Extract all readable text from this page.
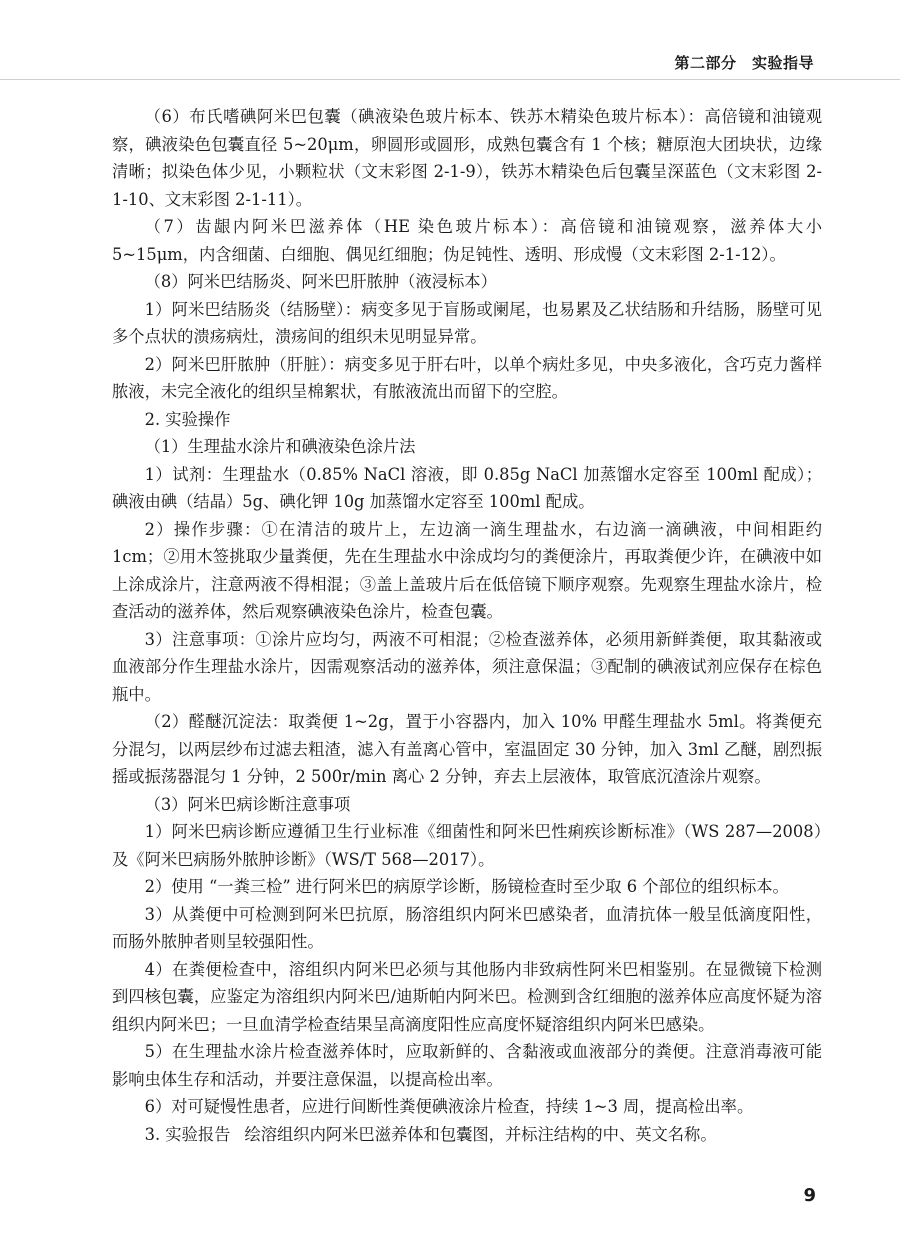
第二部分　实验指导

（6）布氏嗜碘阿米巴包囊（碘液染色玻片标本、铁苏木精染色玻片标本）：高倍镜和油镜观察，碘液染色包囊直径 5~20μm，卵圆形或圆形，成熟包囊含有 1 个核；糖原泡大团块状，边缘清晰；拟染色体少见，小颗粒状（文末彩图 2-1-9），铁苏木精染色后包囊呈深蓝色（文末彩图 2-1-10、文末彩图 2-1-11）。

（7）齿龈内阿米巴滋养体（HE 染色玻片标本）：高倍镜和油镜观察，滋养体大小 5~15μm，内含细菌、白细胞、偶见红细胞；伪足钝性、透明、形成慢（文末彩图 2-1-12）。

（8）阿米巴结肠炎、阿米巴肝脓肿（液浸标本）

1）阿米巴结肠炎（结肠壁）：病变多见于盲肠或阑尾，也易累及乙状结肠和升结肠，肠壁可见多个点状的溃疡病灶，溃疡间的组织未见明显异常。

2）阿米巴肝脓肿（肝脏）：病变多见于肝右叶，以单个病灶多见，中央多液化，含巧克力酱样脓液，未完全液化的组织呈棉絮状，有脓液流出而留下的空腔。

2. 实验操作

（1）生理盐水涂片和碘液染色涂片法

1）试剂：生理盐水（0.85% NaCl 溶液，即 0.85g NaCl 加蒸馏水定容至 100ml 配成）；碘液由碘（结晶）5g、碘化钾 10g 加蒸馏水定容至 100ml 配成。

2）操作步骤：①在清洁的玻片上，左边滴一滴生理盐水，右边滴一滴碘液，中间相距约 1cm；②用木签挑取少量粪便，先在生理盐水中涂成均匀的粪便涂片，再取粪便少许，在碘液中如上涂成涂片，注意两液不得相混；③盖上盖玻片后在低倍镜下顺序观察。先观察生理盐水涂片，检查活动的滋养体，然后观察碘液染色涂片，检查包囊。

3）注意事项：①涂片应均匀，两液不可相混；②检查滋养体，必须用新鲜粪便，取其黏液或血液部分作生理盐水涂片，因需观察活动的滋养体，须注意保温；③配制的碘液试剂应保存在棕色瓶中。

（2）醛醚沉淀法：取粪便 1~2g，置于小容器内，加入 10% 甲醛生理盐水 5ml。将粪便充分混匀，以两层纱布过滤去粗渣，滤入有盖离心管中，室温固定 30 分钟，加入 3ml 乙醚，剧烈振摇或振荡器混匀 1 分钟，2 500r/min 离心 2 分钟，弃去上层液体，取管底沉渣涂片观察。

（3）阿米巴病诊断注意事项

1）阿米巴病诊断应遵循卫生行业标准《细菌性和阿米巴性痢疾诊断标准》（WS 287—2008）及《阿米巴病肠外脓肿诊断》（WS/T 568—2017）。

2）使用 “一粪三检” 进行阿米巴的病原学诊断，肠镜检查时至少取 6 个部位的组织标本。

3）从粪便中可检测到阿米巴抗原，肠溶组织内阿米巴感染者，血清抗体一般呈低滴度阳性，而肠外脓肿者则呈较强阳性。

4）在粪便检查中，溶组织内阿米巴必须与其他肠内非致病性阿米巴相鉴别。在显微镜下检测到四核包囊，应鉴定为溶组织内阿米巴/迪斯帕内阿米巴。检测到含红细胞的滋养体应高度怀疑为溶组织内阿米巴；一旦血清学检查结果呈高滴度阳性应高度怀疑溶组织内阿米巴感染。

5）在生理盐水涂片检查滋养体时，应取新鲜的、含黏液或血液部分的粪便。注意消毒液可能影响虫体生存和活动，并要注意保温，以提高检出率。

6）对可疑慢性患者，应进行间断性粪便碘液涂片检查，持续 1~3 周，提高检出率。

3. 实验报告 绘溶组织内阿米巴滋养体和包囊图，并标注结构的中、英文名称。

9
